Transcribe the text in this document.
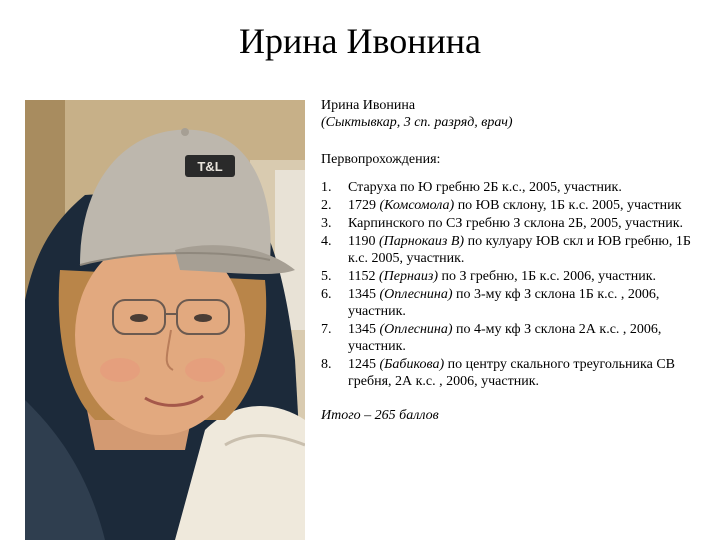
Ирина Ивонина
T&L

Ирина Ивонина

(Сыктывкар, 3 сп. разряд, врач)

Первопрохождения:

1. Старуха по Ю гребню 2Б к.с., 2005, участник.
2. 1729 (Комсомола) по ЮВ склону, 1Б к.с. 2005, участник
3. Карпинского по СЗ гребню З склона 2Б, 2005, участник.
4. 1190 (Парнокаиз В) по кулуару ЮВ скл и ЮВ гребню, 1Б к.с. 2005, участник.
5. 1152 (Пернаиз) по З гребню, 1Б к.с. 2006, участник.
6. 1345 (Оплеснина) по 3-му кф З склона 1Б к.с. , 2006, участник.
7. 1345 (Оплеснина) по 4-му кф З склона 2А к.с. , 2006, участник.
8. 1245 (Бабикова) по центру скального треугольника СВ гребня, 2А к.с. , 2006, участник.

Итого – 265 баллов
